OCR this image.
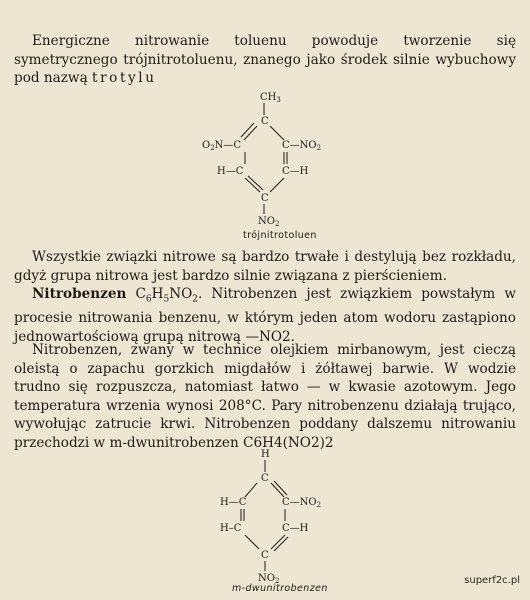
Energiczne nitrowanie toluenu powoduje tworzenie się symetrycznego trójnitrotoluenu, znanego jako środek silnie wybuchowy pod nazwą trotylu

$CH_3$
C
$O_2N—C$	$C—NO_2$
H—C	C—H
C
$NO_2$
trójnitrotoluen

Wszystkie związki nitrowe są bardzo trwałe i destylują bez rozkładu, gdyż grupa nitrowa jest bardzo silnie związana z pierścieniem.

Nitrobenzen $C_6H_5NO_2$. Nitrobenzen jest związkiem powstałym w procesie nitrowania benzenu, w którym jeden atom wodoru zastąpiono jednowartościową grupą nitrową —NO2.

Nitrobenzen, zwany w technice olejkiem mirbanowym, jest cieczą oleistą o zapachu gorzkich migdałów i żółtawej barwie. W wodzie trudno się rozpuszcza, natomiast łatwo — w kwasie azotowym. Jego temperatura wrzenia wynosi 208°C. Pary nitrobenzenu działają trująco, wywołując zatrucie krwi. Nitrobenzen poddany dalszemu nitrowaniu przechodzi w m-dwunitrobenzen C6H4(NO2)2

H
C
H—C	$C—NO_2$
H–C	C—H
C
$NO_2$
m-dwunitrobenzen
superf2c.pl
